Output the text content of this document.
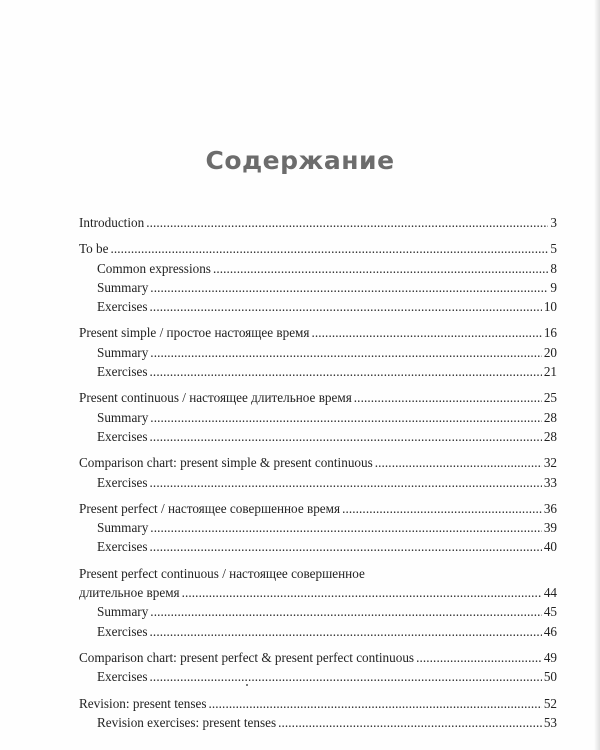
Содержание
Introduction . . .	3
To be . . .	5
Common expressions . . .	8
Summary . . .	9
Exercises . . .	10
Present simple / простое настоящее время . . .	16
Summary . . .	20
Exercises . . .	21
Present continuous / настоящее длительное время . . .	25
Summary . . .	28
Exercises . . .	28
Comparison chart: present simple & present continuous . . .	32
Exercises . . .	33
Present perfect / настоящее совершенное время . . .	36
Summary . . .	39
Exercises . . .	40
Present perfect continuous / настоящее совершенное
длительное время . . .	44
Summary . . .	45
Exercises . . .	46
Comparison chart: present perfect & present perfect continuous . . .	49
Exercises . . .	50
Revision: present tenses . . .	52
Revision exercises: present tenses . . .	53
